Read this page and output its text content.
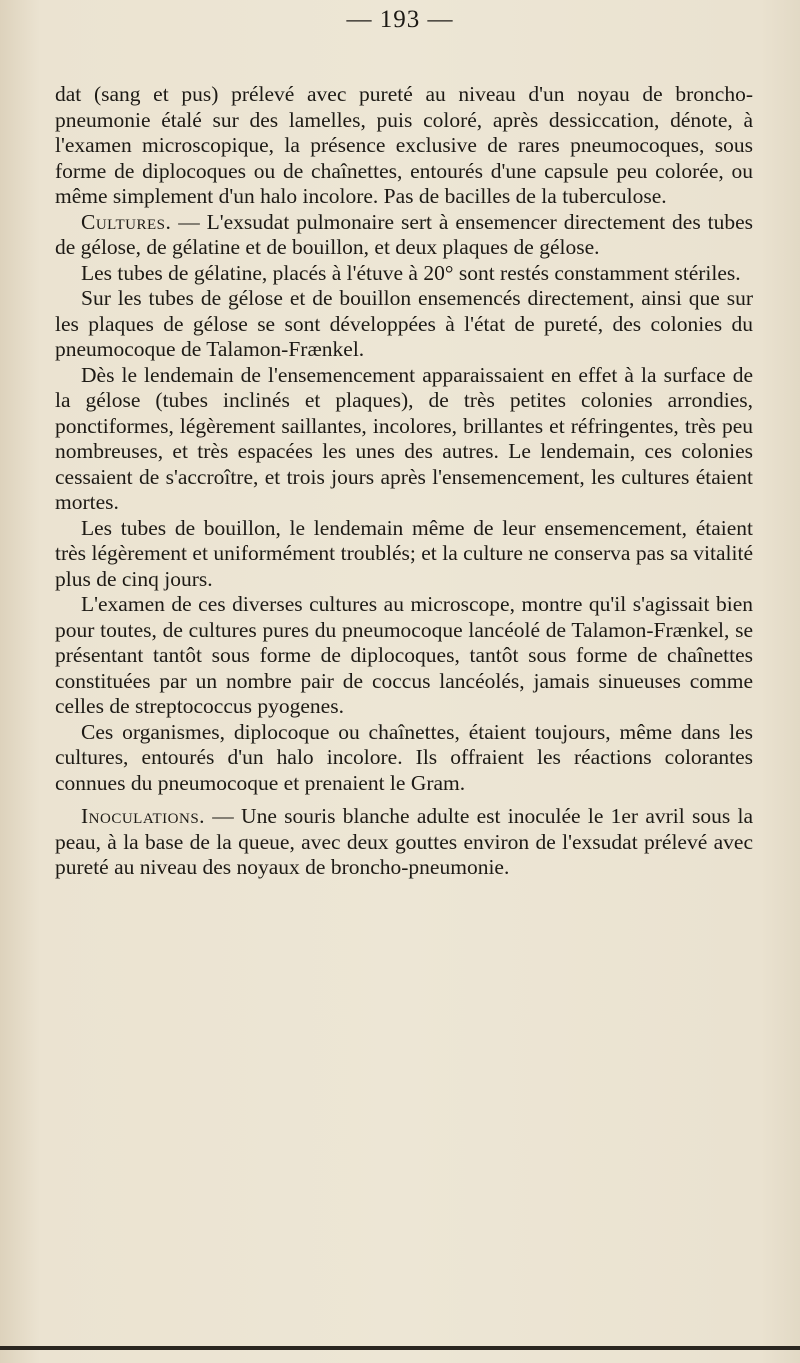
— 193 —

dat (sang et pus) prélevé avec pureté au niveau d'un noyau de broncho-pneumonie étalé sur des lamelles, puis coloré, après dessiccation, dénote, à l'examen microscopique, la présence exclusive de rares pneumocoques, sous forme de diplocoques ou de chaînettes, entourés d'une capsule peu colorée, ou même simplement d'un halo incolore. Pas de bacilles de la tuberculose.

Cultures. — L'exsudat pulmonaire sert à ensemencer directement des tubes de gélose, de gélatine et de bouillon, et deux plaques de gélose.

Les tubes de gélatine, placés à l'étuve à 20° sont restés constamment stériles.

Sur les tubes de gélose et de bouillon ensemencés directement, ainsi que sur les plaques de gélose se sont développées à l'état de pureté, des colonies du pneumocoque de Talamon-Frænkel.

Dès le lendemain de l'ensemencement apparaissaient en effet à la surface de la gélose (tubes inclinés et plaques), de très petites colonies arrondies, ponctiformes, légèrement saillantes, incolores, brillantes et réfringentes, très peu nombreuses, et très espacées les unes des autres. Le lendemain, ces colonies cessaient de s'accroître, et trois jours après l'ensemencement, les cultures étaient mortes.

Les tubes de bouillon, le lendemain même de leur ensemencement, étaient très légèrement et uniformément troublés; et la culture ne conserva pas sa vitalité plus de cinq jours.

L'examen de ces diverses cultures au microscope, montre qu'il s'agissait bien pour toutes, de cultures pures du pneumocoque lancéolé de Talamon-Frænkel, se présentant tantôt sous forme de diplocoques, tantôt sous forme de chaînettes constituées par un nombre pair de coccus lancéolés, jamais sinueuses comme celles de streptococcus pyogenes.

Ces organismes, diplocoque ou chaînettes, étaient toujours, même dans les cultures, entourés d'un halo incolore. Ils offraient les réactions colorantes connues du pneumocoque et prenaient le Gram.

Inoculations. — Une souris blanche adulte est inoculée le 1er avril sous la peau, à la base de la queue, avec deux gouttes environ de l'exsudat prélevé avec pureté au niveau des noyaux de broncho-pneumonie.
